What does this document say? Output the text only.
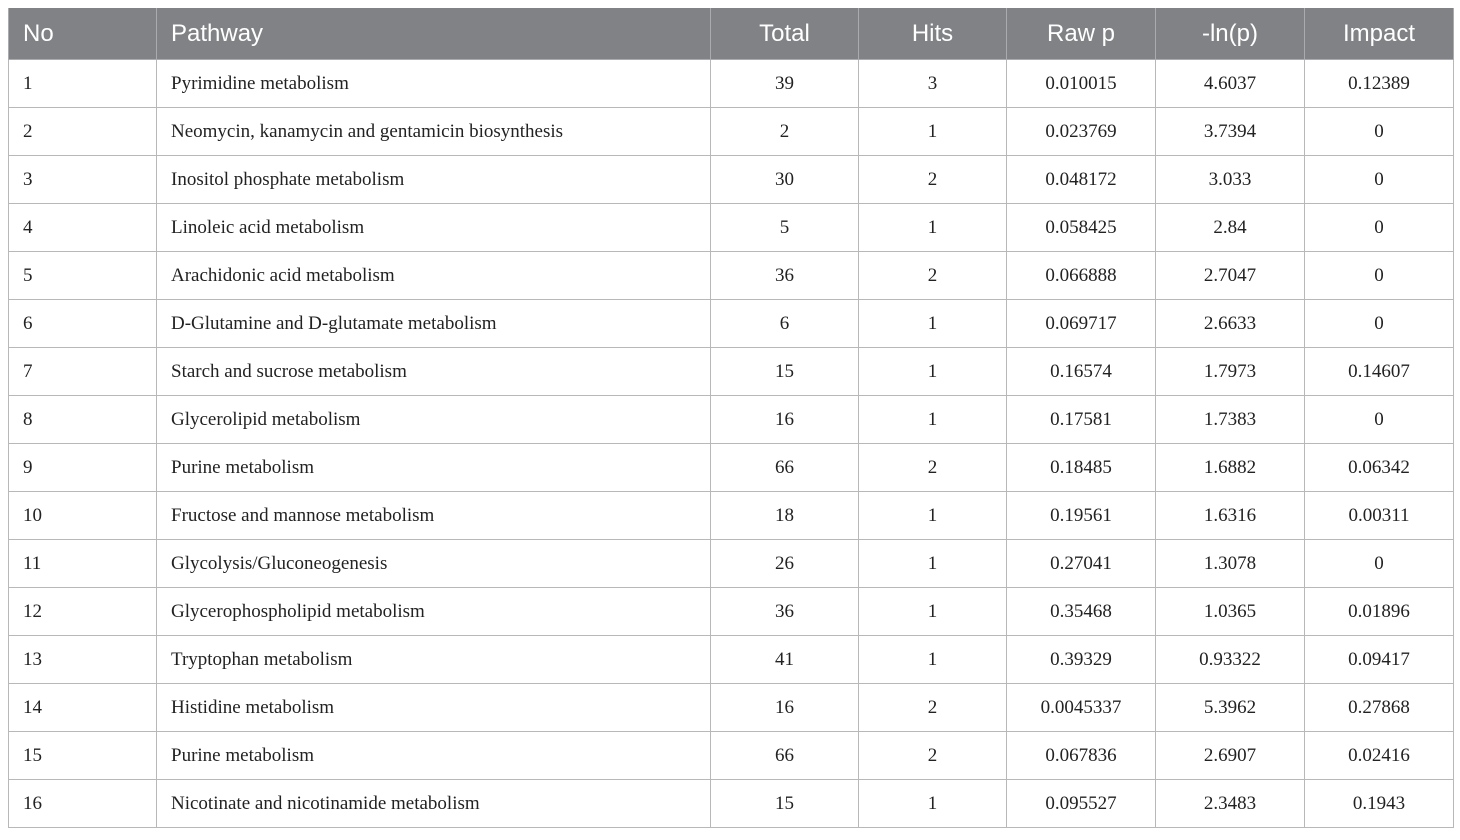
No	Pathway	Total	Hits	Raw p	-ln(p)	Impact
1	Pyrimidine metabolism	39	3	0.010015	4.6037	0.12389
2	Neomycin, kanamycin and gentamicin biosynthesis	2	1	0.023769	3.7394	0
3	Inositol phosphate metabolism	30	2	0.048172	3.033	0
4	Linoleic acid metabolism	5	1	0.058425	2.84	0
5	Arachidonic acid metabolism	36	2	0.066888	2.7047	0
6	D-Glutamine and D-glutamate metabolism	6	1	0.069717	2.6633	0
7	Starch and sucrose metabolism	15	1	0.16574	1.7973	0.14607
8	Glycerolipid metabolism	16	1	0.17581	1.7383	0
9	Purine metabolism	66	2	0.18485	1.6882	0.06342
10	Fructose and mannose metabolism	18	1	0.19561	1.6316	0.00311
11	Glycolysis/Gluconeogenesis	26	1	0.27041	1.3078	0
12	Glycerophospholipid metabolism	36	1	0.35468	1.0365	0.01896
13	Tryptophan metabolism	41	1	0.39329	0.93322	0.09417
14	Histidine metabolism	16	2	0.0045337	5.3962	0.27868
15	Purine metabolism	66	2	0.067836	2.6907	0.02416
16	Nicotinate and nicotinamide metabolism	15	1	0.095527	2.3483	0.1943
